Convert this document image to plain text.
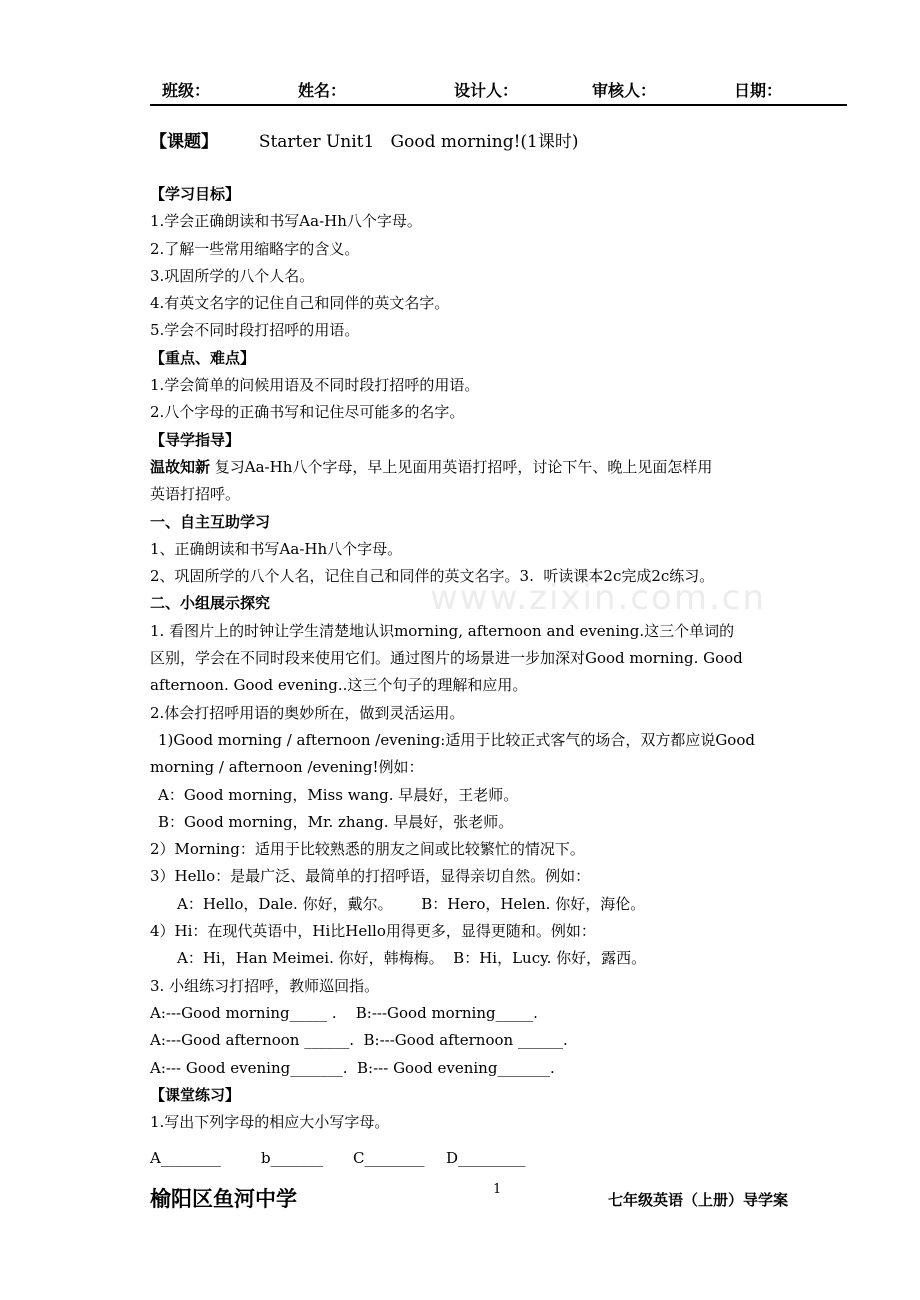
www.zixin.com.cn
班级：	姓名：	设计人：	审核人：	日期：
【课题】 Starter Unit1   Good morning!(1课时)
【学习目标】
1.学会正确朗读和书写Aa-Hh八个字母。
2.了解一些常用缩略字的含义。
3.巩固所学的八个人名。
4.有英文名字的记住自己和同伴的英文名字。
5.学会不同时段打招呼的用语。
【重点、难点】
1.学会简单的问候用语及不同时段打招呼的用语。
2.八个字母的正确书写和记住尽可能多的名字。
【导学指导】
温故知新 复习Aa-Hh八个字母，早上见面用英语打招呼，讨论下午、晚上见面怎样用
英语打招呼。
一、自主互助学习
1、正确朗读和书写Aa-Hh八个字母。
2、巩固所学的八个人名，记住自己和同伴的英文名字。3.  听读课本2c完成2c练习。
二、小组展示探究
1. 看图片上的时钟让学生清楚地认识morning, afternoon and evening.这三个单词的
区别，学会在不同时段来使用它们。通过图片的场景进一步加深对Good morning. Good
afternoon. Good evening..这三个句子的理解和应用。
2.体会打招呼用语的奥妙所在，做到灵活运用。
1)Good morning / afternoon /evening:适用于比较正式客气的场合，双方都应说Good
morning / afternoon /evening!例如：
A：Good morning，Miss wang. 早晨好，王老师。
B：Good morning，Mr. zhang. 早晨好，张老师。
2）Morning：适用于比较熟悉的朋友之间或比较繁忙的情况下。
3）Hello：是最广泛、最简单的打招呼语，显得亲切自然。例如：
A：Hello，Dale. 你好，戴尔。      B：Hero，Helen. 你好，海伦。
4）Hi：在现代英语中，Hi比Hello用得更多，显得更随和。例如：
A：Hi，Han Meimei. 你好，韩梅梅。  B：Hi，Lucy. 你好，露西。
3. 小组练习打招呼，教师巡回指。
A:---Good morning_____ .    B:---Good morning_____.
A:---Good afternoon ______.  B:---Good afternoon ______.
A:--- Good evening_______.  B:--- Good evening_______.
【课堂练习】
1.写出下列字母的相应大小写字母。
A________	b_______ C________ D_________
榆阳区鱼河中学	1
七年级英语（上册）导学案
